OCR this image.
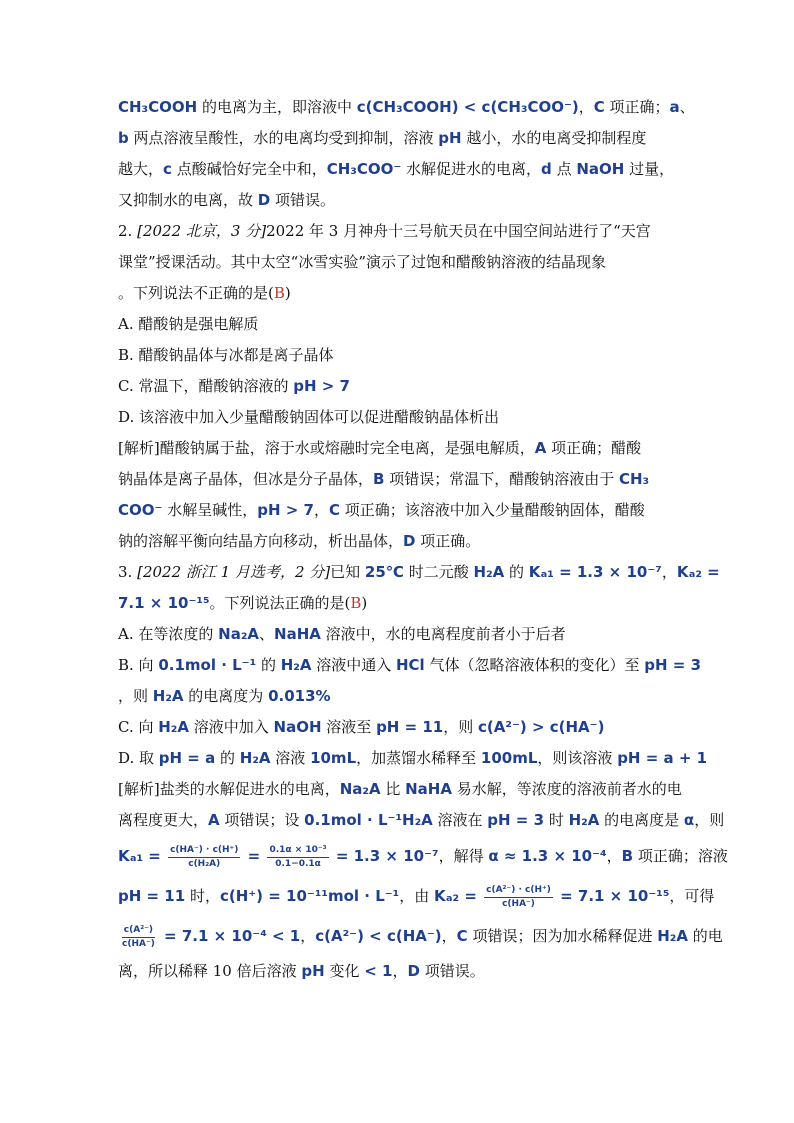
CH₃COOH 的电离为主，即溶液中 c(CH₃COOH) < c(CH₃COO⁻)，C 项正确；a、
b 两点溶液呈酸性，水的电离均受到抑制，溶液 pH 越小，水的电离受抑制程度
越大，c 点酸碱恰好完全中和，CH₃COO⁻ 水解促进水的电离，d 点 NaOH 过量，
又抑制水的电离，故 D 项错误。
2. [2022 北京，3 分]2022 年 3 月神舟十三号航天员在中国空间站进行了“天宫
课堂”授课活动。其中太空“冰雪实验”演示了过饱和醋酸钠溶液的结晶现象
。下列说法不正确的是(B)
A. 醋酸钠是强电解质
B. 醋酸钠晶体与冰都是离子晶体
C. 常温下，醋酸钠溶液的 pH > 7
D. 该溶液中加入少量醋酸钠固体可以促进醋酸钠晶体析出
[解析]醋酸钠属于盐，溶于水或熔融时完全电离，是强电解质，A 项正确；醋酸
钠晶体是离子晶体，但冰是分子晶体，B 项错误；常温下，醋酸钠溶液由于 CH₃
COO⁻ 水解呈碱性，pH > 7，C 项正确；该溶液中加入少量醋酸钠固体，醋酸
钠的溶解平衡向结晶方向移动，析出晶体，D 项正确。
3. [2022 浙江 1 月选考，2 分]已知 25℃ 时二元酸 H₂A 的 Kₐ₁ = 1.3 × 10⁻⁷，Kₐ₂ =
7.1 × 10⁻¹⁵。下列说法正确的是(B)
A. 在等浓度的 Na₂A、NaHA 溶液中，水的电离程度前者小于后者
B. 向 0.1mol · L⁻¹ 的 H₂A 溶液中通入 HCl 气体（忽略溶液体积的变化）至 pH = 3
，则 H₂A 的电离度为 0.013%
C. 向 H₂A 溶液中加入 NaOH 溶液至 pH = 11，则 c(A²⁻) > c(HA⁻)
D. 取 pH = a 的 H₂A 溶液 10mL，加蒸馏水稀释至 100mL，则该溶液 pH = a + 1
[解析]盐类的水解促进水的电离，Na₂A 比 NaHA 易水解，等浓度的溶液前者水的电
离程度更大，A 项错误；设 0.1mol · L⁻¹H₂A 溶液在 pH = 3 时 H₂A 的电离度是 α，则
$K_{a1} = \frac{c(HA^-) \cdot c(H^+)}{\text{c(H₂A)}} = \frac{\text{0.1α × 10⁻³}}{0.1-0.1\alpha} = 1.3 \times 10^{-7}$，解得 α ≈ 1.3 × 10⁻⁴，B 项正确；溶液
pH = 11 时，c(H⁺) = 10⁻¹¹mol · L⁻¹，由 $K_{a2} = \frac{\text{c(A²⁻) · c(H⁺)}}{c(HA^-)} = 7.1 \times 10^{-15}$，可得
$\frac{\text{c(A²⁻)}}{c(HA^-)} = 7.1 \times 10^{-4} < 1$，c(A²⁻) < c(HA⁻)，C 项错误；因为加水稀释促进 H₂A 的电
离，所以稀释 10 倍后溶液 pH 变化 < 1，D 项错误。
